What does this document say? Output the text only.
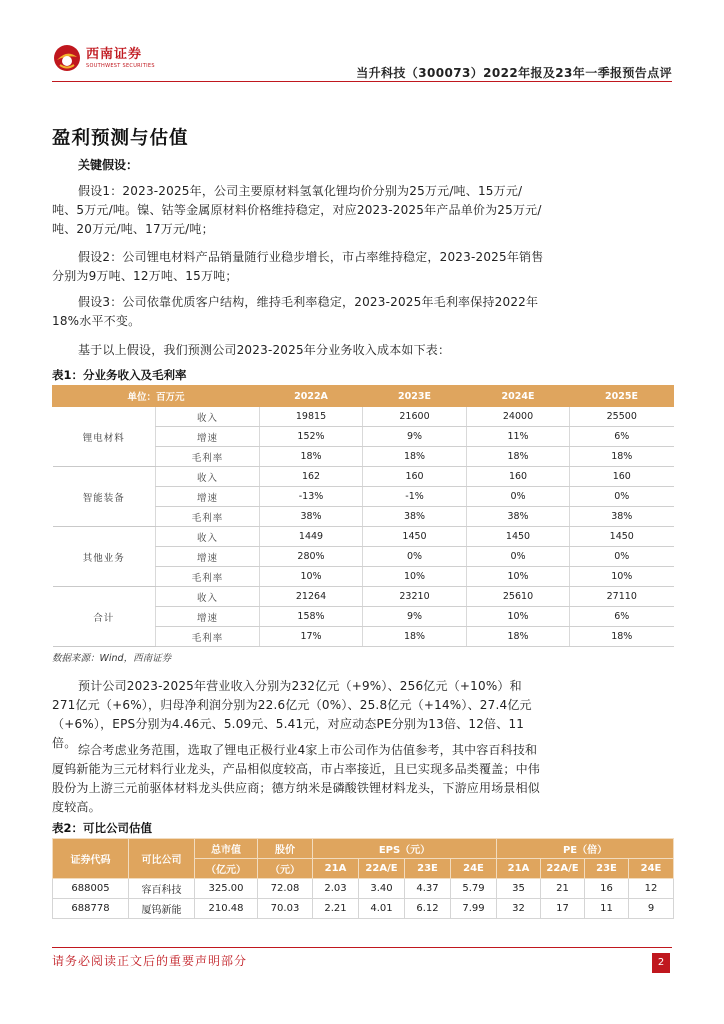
西南证券
SOUTHWEST SECURITIES
当升科技（300073）2022年报及23年一季报预告点评
盈利预测与估值
关键假设：

假设1：2023-2025年，公司主要原材料氢氧化锂均价分别为25万元/吨、15万元/吨、5万元/吨。镍、钴等金属原材料价格维持稳定，对应2023-2025年产品单价为25万元/吨、20万元/吨、17万元/吨；

假设2：公司锂电材料产品销量随行业稳步增长，市占率维持稳定，2023-2025年销售分别为9万吨、12万吨、15万吨；

假设3：公司依靠优质客户结构，维持毛利率稳定，2023-2025年毛利率保持2022年18%水平不变。

基于以上假设，我们预测公司2023-2025年分业务收入成本如下表：

表1：分业务收入及毛利率
单位：百万元		2022A	2023E	2024E	2025E
锂电材料	收入	19815	21600	24000	25500
	增速	152%	9%	11%	6%
	毛利率	18%	18%	18%	18%
智能装备	收入	162	160	160	160
	增速	-13%	-1%	0%	0%
	毛利率	38%	38%	38%	38%
其他业务	收入	1449	1450	1450	1450
	增速	280%	0%	0%	0%
	毛利率	10%	10%	10%	10%
合计	收入	21264	23210	25610	27110
	增速	158%	9%	10%	6%
	毛利率	17%	18%	18%	18%
数据来源：Wind，西南证券

预计公司2023-2025年营业收入分别为232亿元（+9%）、256亿元（+10%）和271亿元（+6%），归母净利润分别为22.6亿元（0%）、25.8亿元（+14%）、27.4亿元（+6%），EPS分别为4.46元、5.09元、5.41元，对应动态PE分别为13倍、12倍、11倍。 综合考虑业务范围，选取了锂电正极行业4家上市公司作为估值参考，其中容百科技和厦钨新能为三元材料行业龙头，产品相似度较高，市占率接近，且已实现多品类覆盖；中伟股份为上游三元前驱体材料龙头供应商；德方纳米是磷酸铁锂材料龙头，下游应用场景相似度较高。

表2：可比公司估值
证券代码	可比公司	总市值	股价	EPS（元）				PE（倍）			
		（亿元）	（元）	21A	22A/E	23E	24E	21A	22A/E	23E	24E
688005	容百科技	325.00	72.08	2.03	3.40	4.37	5.79	35	21	16	12
688778	厦钨新能	210.48	70.03	2.21	4.01	6.12	7.99	32	17	11	9
请务必阅读正文后的重要声明部分	2
